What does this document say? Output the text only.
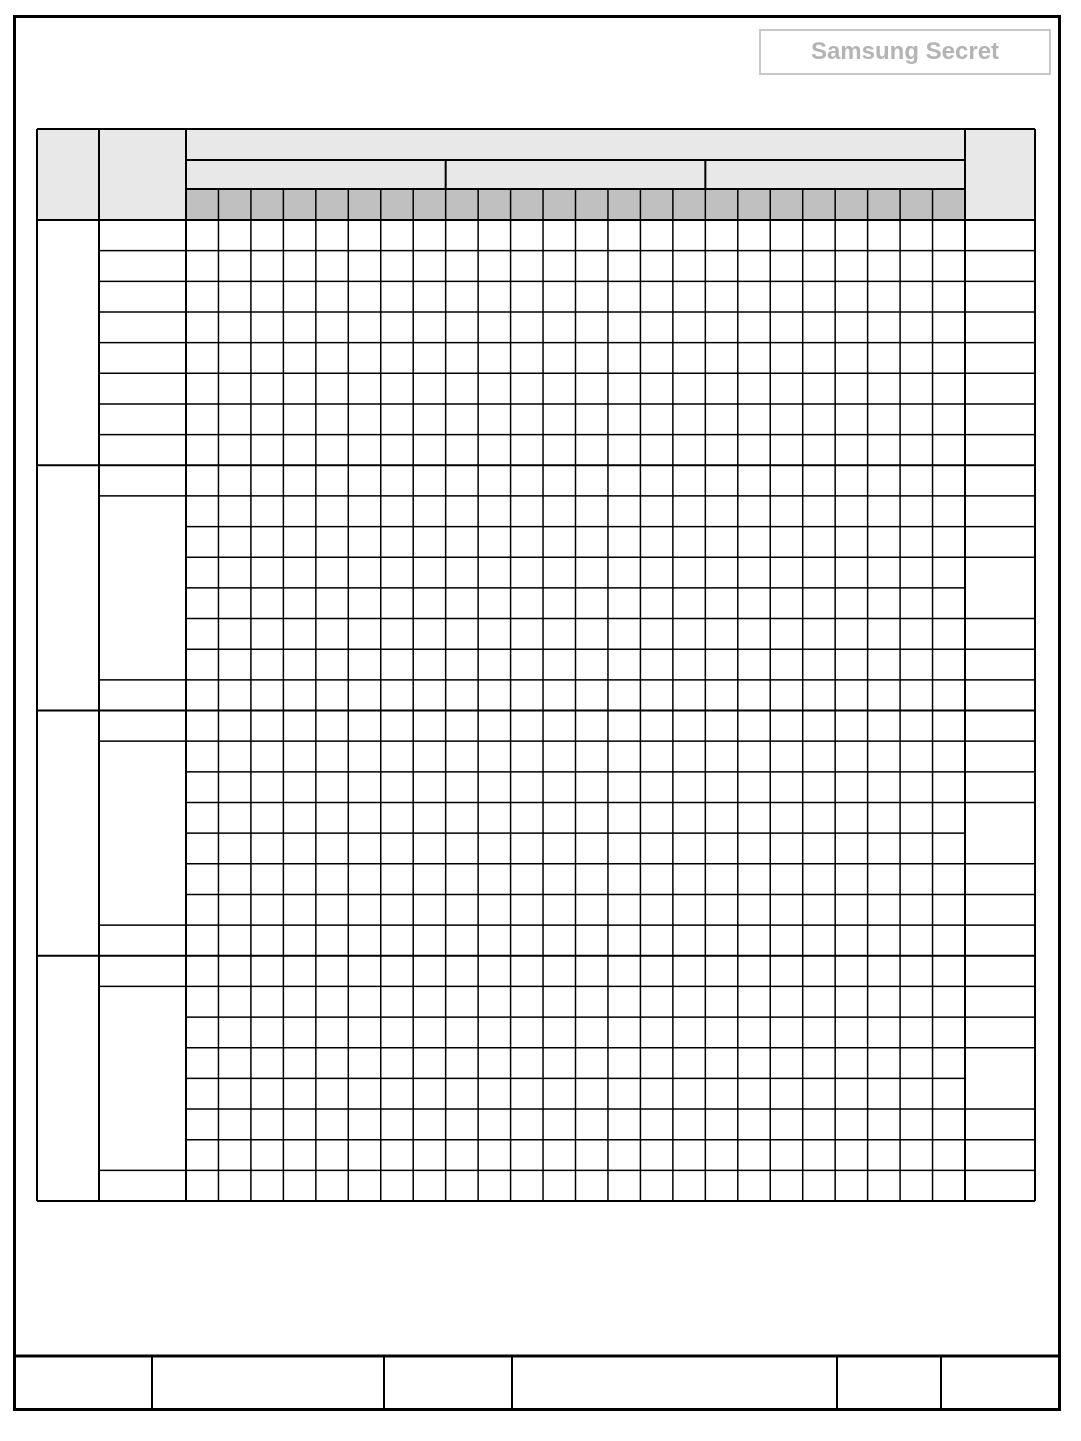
Samsung Secret
